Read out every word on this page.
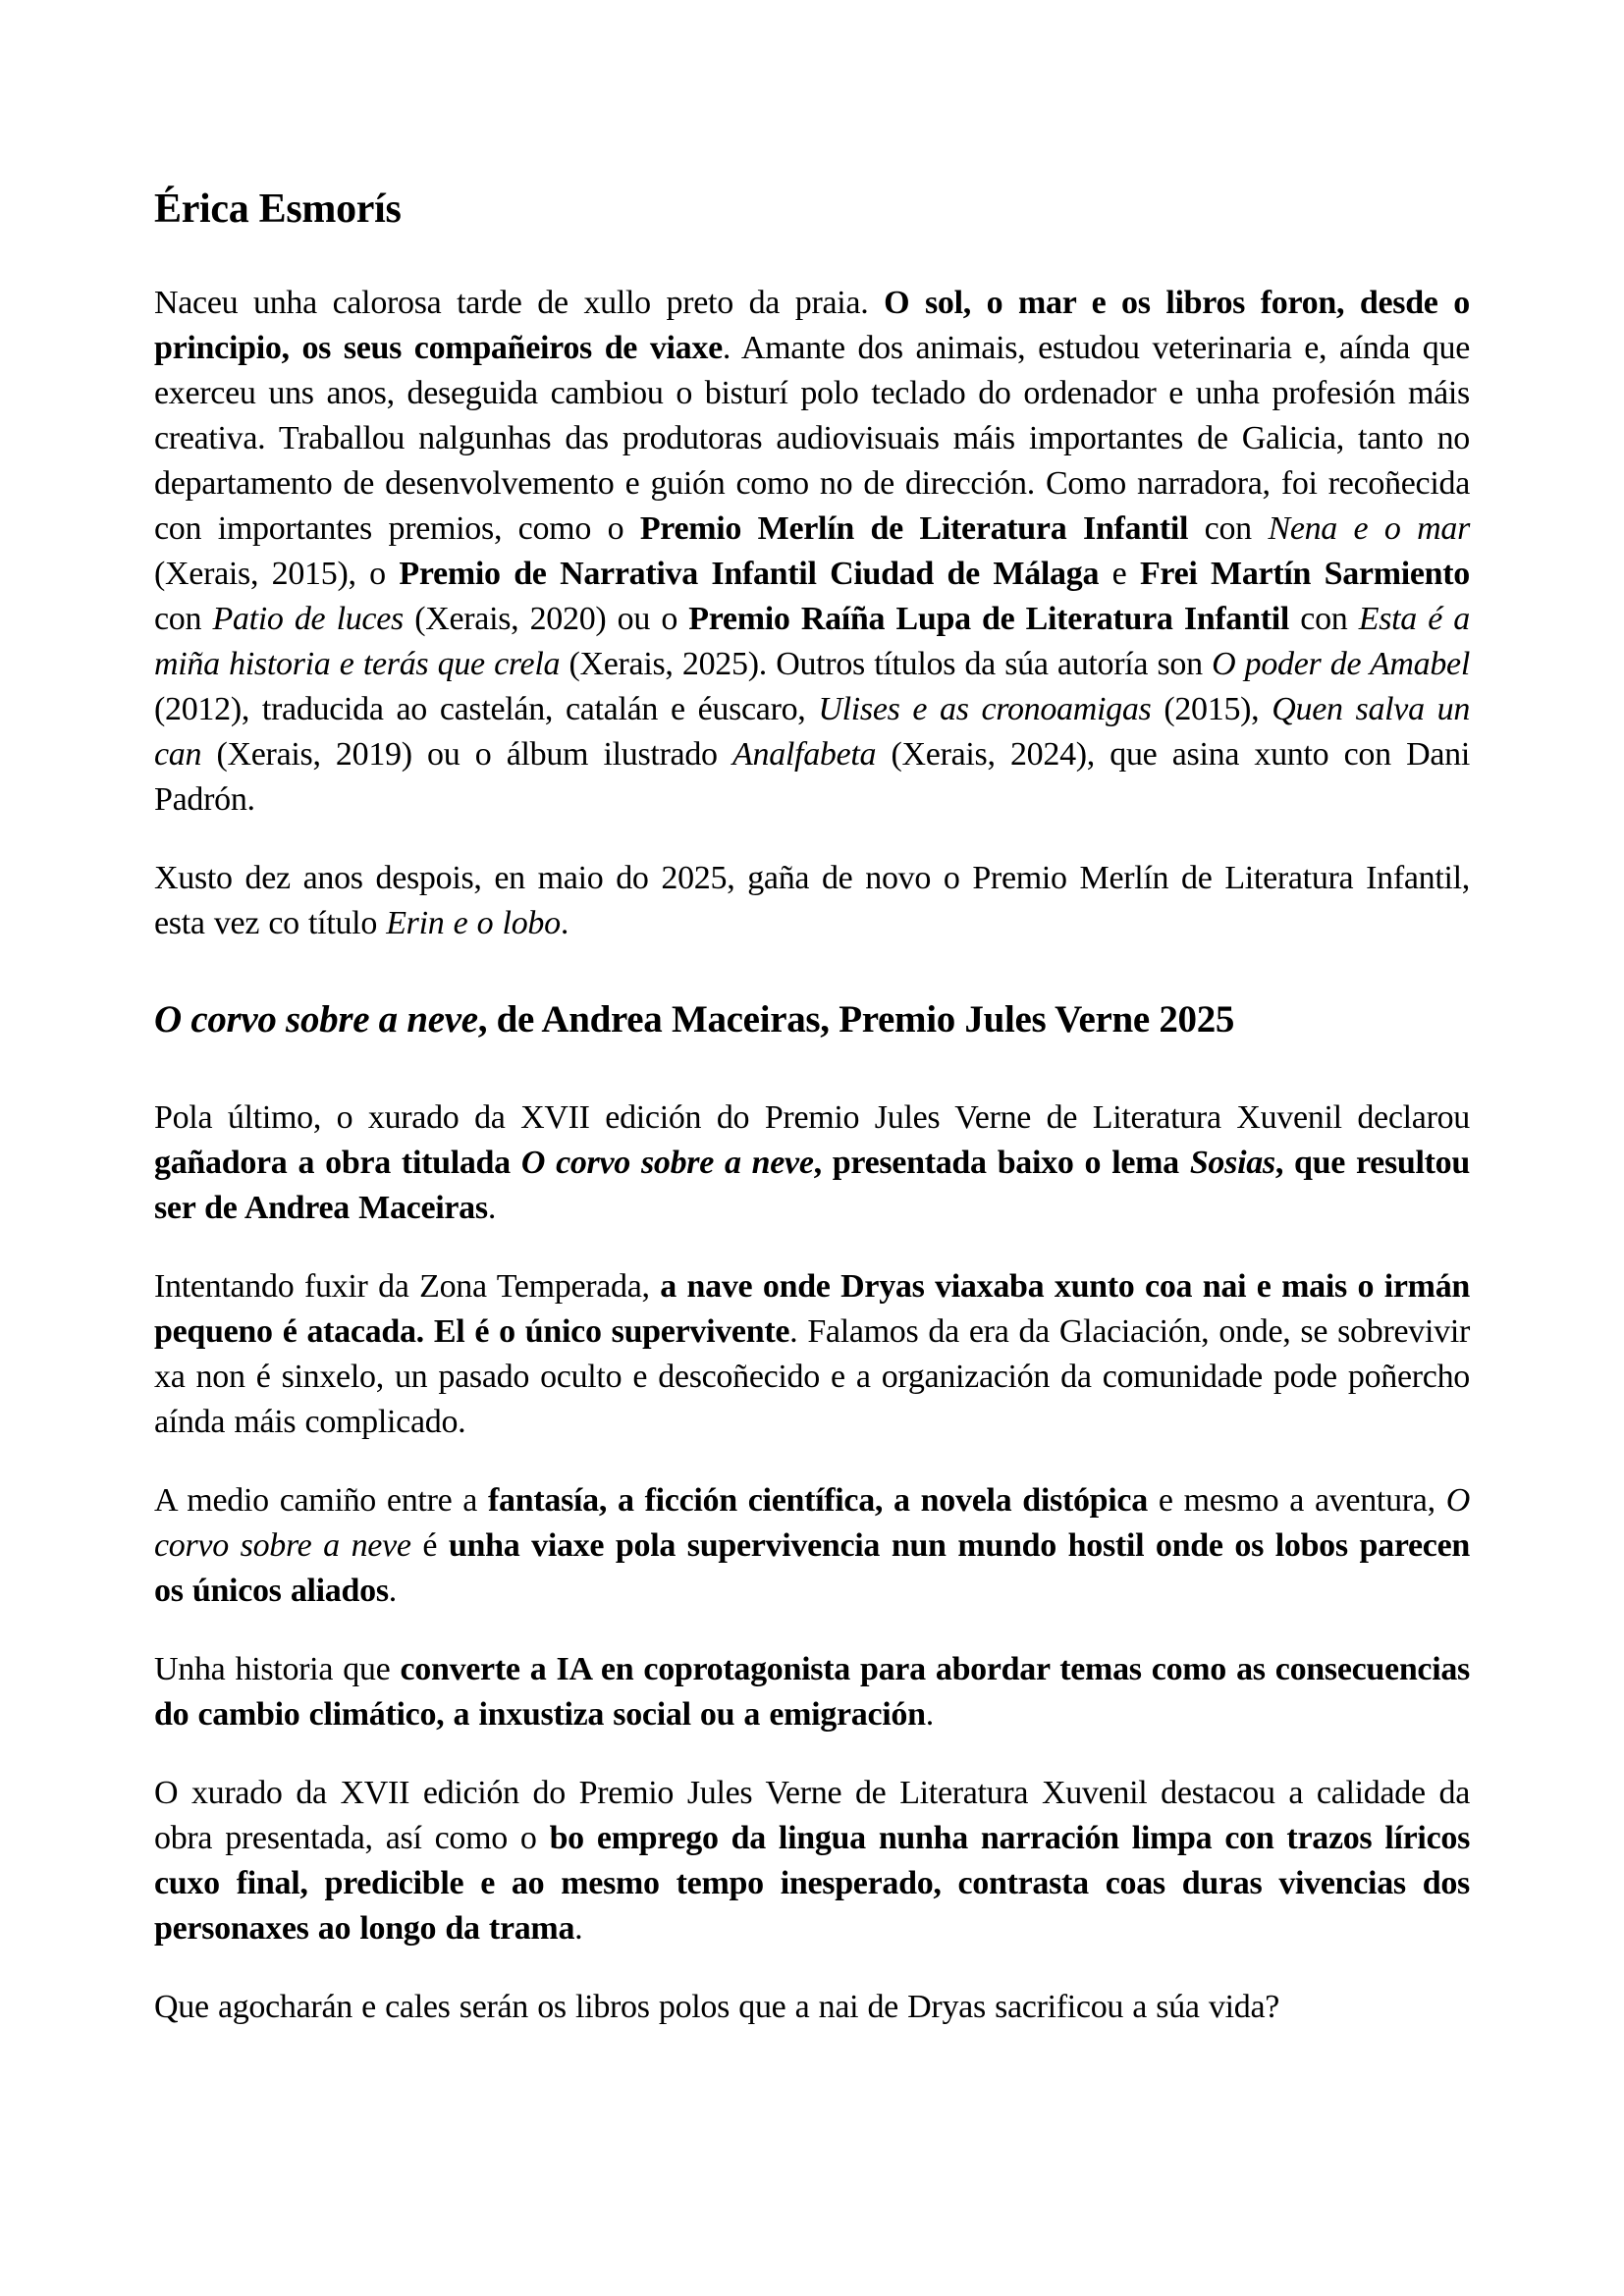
Érica Esmorís

Naceu unha calorosa tarde de xullo preto da praia. O sol, o mar e os libros foron, desde o principio, os seus compañeiros de viaxe. Amante dos animais, estudou veterinaria e, aínda que exerceu uns anos, deseguida cambiou o bisturí polo teclado do ordenador e unha profesión máis creativa. Traballou nalgunhas das produtoras audiovisuais máis importantes de Galicia, tanto no departamento de desenvolvemento e guión como no de dirección. Como narradora, foi recoñecida con importantes premios, como o Premio Merlín de Literatura Infantil con Nena e o mar (Xerais, 2015), o Premio de Narrativa Infantil Ciudad de Málaga e Frei Martín Sarmiento con Patio de luces (Xerais, 2020) ou o Premio Raíña Lupa de Literatura Infantil con Esta é a miña historia e terás que crela (Xerais, 2025). Outros títulos da súa autoría son O poder de Amabel (2012), traducida ao castelán, catalán e éuscaro, Ulises e as cronoamigas (2015), Quen salva un can (Xerais, 2019) ou o álbum ilustrado Analfabeta (Xerais, 2024), que asina xunto con Dani Padrón.

Xusto dez anos despois, en maio do 2025, gaña de novo o Premio Merlín de Literatura Infantil, esta vez co título Erin e o lobo.

O corvo sobre a neve, de Andrea Maceiras, Premio Jules Verne 2025

Pola último, o xurado da XVII edición do Premio Jules Verne de Literatura Xuvenil declarou gañadora a obra titulada O corvo sobre a neve, presentada baixo o lema Sosias, que resultou ser de Andrea Maceiras.

Intentando fuxir da Zona Temperada, a nave onde Dryas viaxaba xunto coa nai e mais o irmán pequeno é atacada. El é o único supervivente. Falamos da era da Glaciación, onde, se sobrevivir xa non é sinxelo, un pasado oculto e descoñecido e a organización da comunidade pode poñercho aínda máis complicado.

A medio camiño entre a fantasía, a ficción científica, a novela distópica e mesmo a aventura, O corvo sobre a neve é unha viaxe pola supervivencia nun mundo hostil onde os lobos parecen os únicos aliados.

Unha historia que converte a IA en coprotagonista para abordar temas como as consecuencias do cambio climático, a inxustiza social ou a emigración.

O xurado da XVII edición do Premio Jules Verne de Literatura Xuvenil destacou a calidade da obra presentada, así como o bo emprego da lingua nunha narración limpa con trazos líricos cuxo final, predicible e ao mesmo tempo inesperado, contrasta coas duras vivencias dos personaxes ao longo da trama.

Que agocharán e cales serán os libros polos que a nai de Dryas sacrificou a súa vida?
